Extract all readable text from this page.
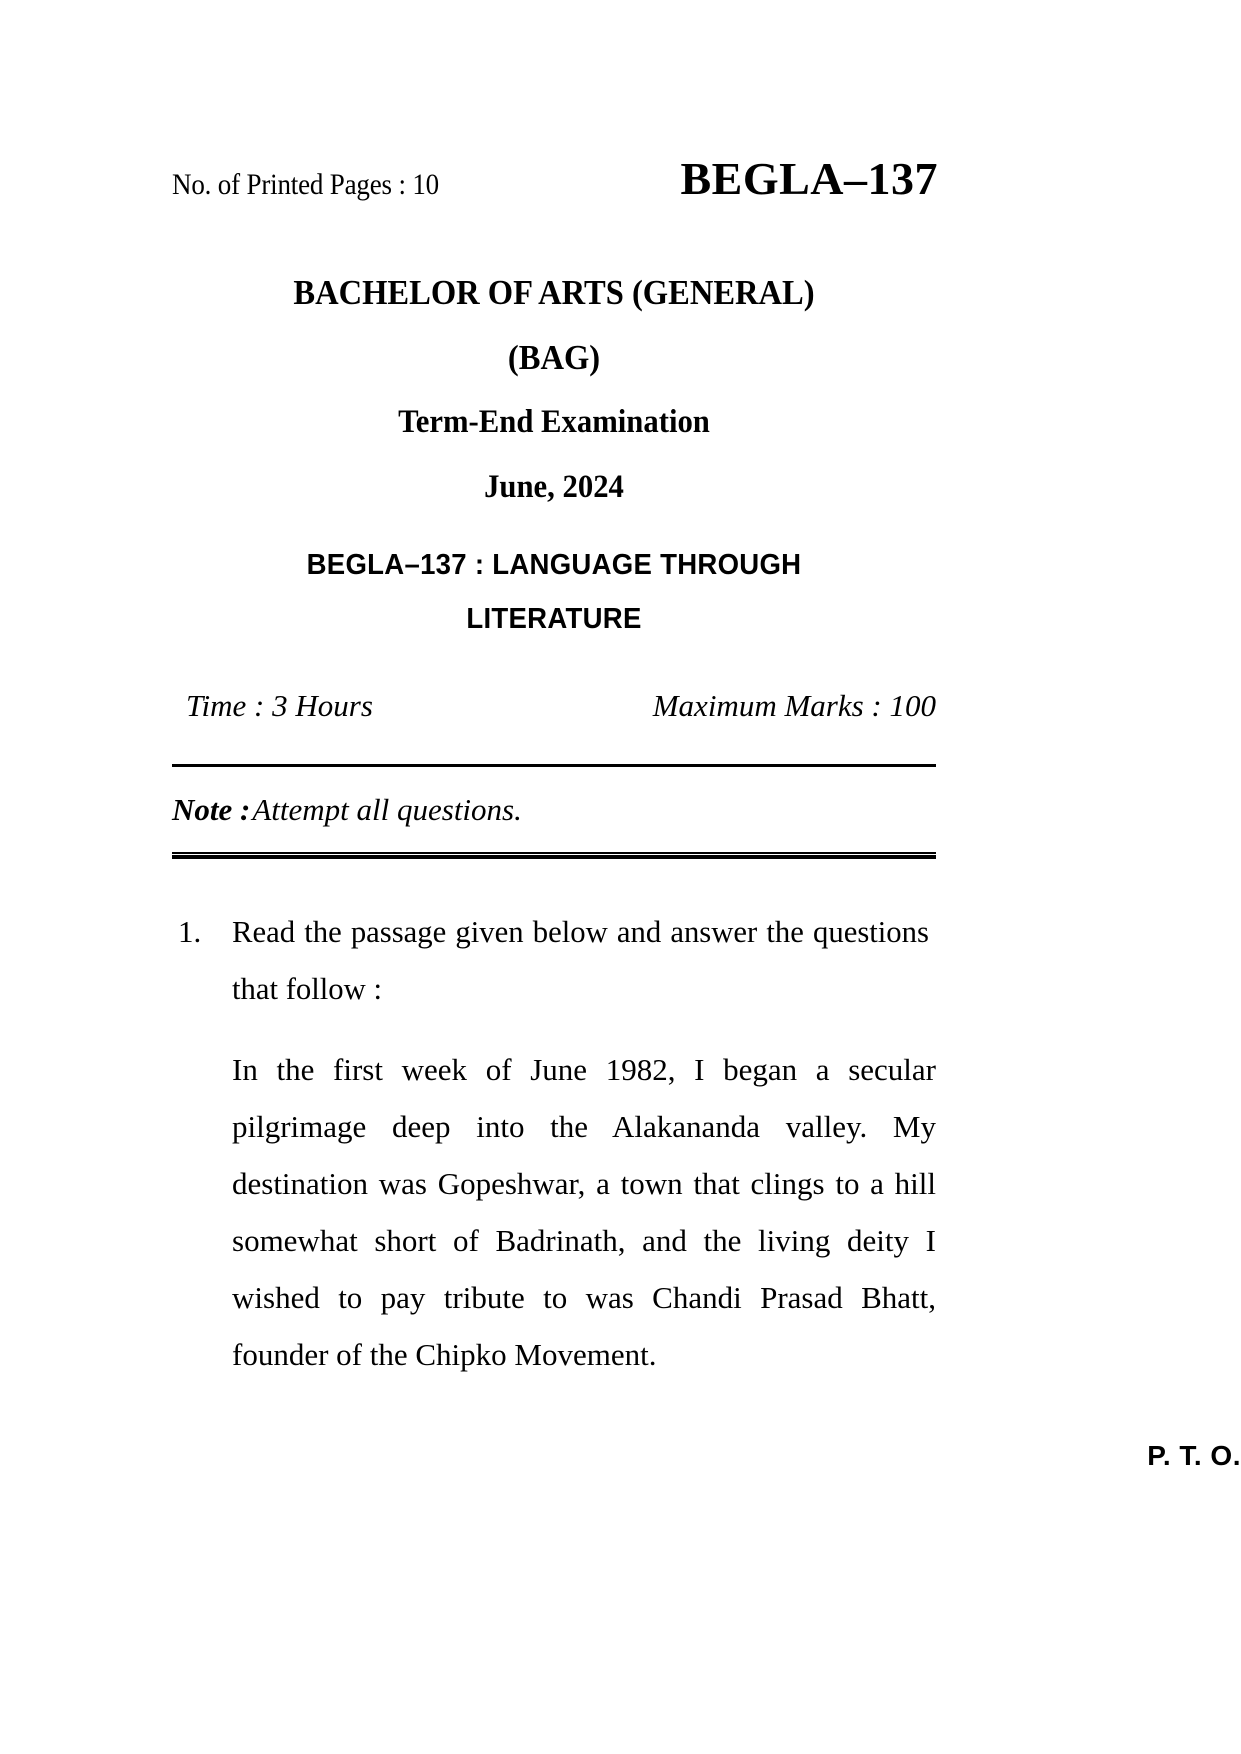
No. of Printed Pages : 10	BEGLA–137
BACHELOR OF ARTS (GENERAL)
(BAG)
Term-End Examination
June, 2024
BEGLA–137 : LANGUAGE THROUGH
LITERATURE
Time : 3 Hours	Maximum Marks : 100
Note :Attempt all questions.
1. Read the passage given below and answer the questions that follow :

In the first week of June 1982, I began a secular pilgrimage deep into the Alakananda valley. My destination was Gopeshwar, a town that clings to a hill somewhat short of Badrinath, and the living deity I wished to pay tribute to was Chandi Prasad Bhatt, founder of the Chipko Movement.

P. T. O.
